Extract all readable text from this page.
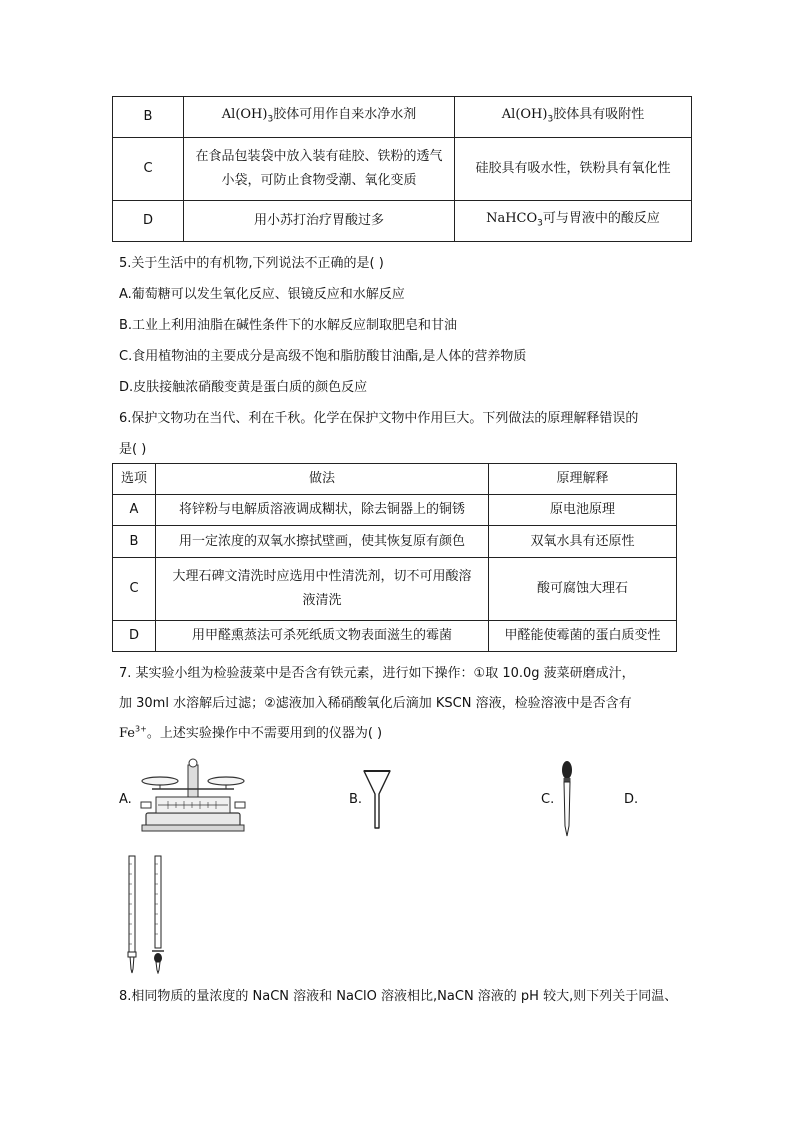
B	$Al(OH)_3$胶体可用作自来水净水剂	$Al(OH)_3$胶体具有吸附性
C	在食品包装袋中放入装有硅胶、铁粉的透气
小袋，可防止食物受潮、氧化变质	硅胶具有吸水性，铁粉具有氧化性
D	用小苏打治疗胃酸过多	NaHCO$_3$可与胃液中的酸反应
5.关于生活中的有机物,下列说法不正确的是( )
A.葡萄糖可以发生氧化反应、银镜反应和水解反应
B.工业上利用油脂在碱性条件下的水解反应制取肥皂和甘油
C.食用植物油的主要成分是高级不饱和脂肪酸甘油酯,是人体的营养物质
D.皮肤接触浓硝酸变黄是蛋白质的颜色反应
6.保护文物功在当代、利在千秋。化学在保护文物中作用巨大。下列做法的原理解释错误的
是( )
选项	做法	原理解释
A	将锌粉与电解质溶液调成糊状，除去铜器上的铜锈	原电池原理
B	用一定浓度的双氧水擦拭壁画，使其恢复原有颜色	双氧水具有还原性
C	大理石碑文清洗时应选用中性清洗剂，切不可用酸溶
液清洗	酸可腐蚀大理石
D	用甲醛熏蒸法可杀死纸质文物表面滋生的霉菌	甲醛能使霉菌的蛋白质变性
7. 某实验小组为检验菠菜中是否含有铁元素，进行如下操作：①取 10.0g 菠菜研磨成汁，
加 30ml 水溶解后过滤；②滤液加入稀硝酸氧化后滴加 KSCN 溶液，检验溶液中是否含有
$Fe^{3+}$。上述实验操作中不需要用到的仪器为( )
A.	B.	C.	D.
8.相同物质的量浓度的 NaCN 溶液和 NaClO 溶液相比,NaCN 溶液的 pH 较大,则下列关于同温、
